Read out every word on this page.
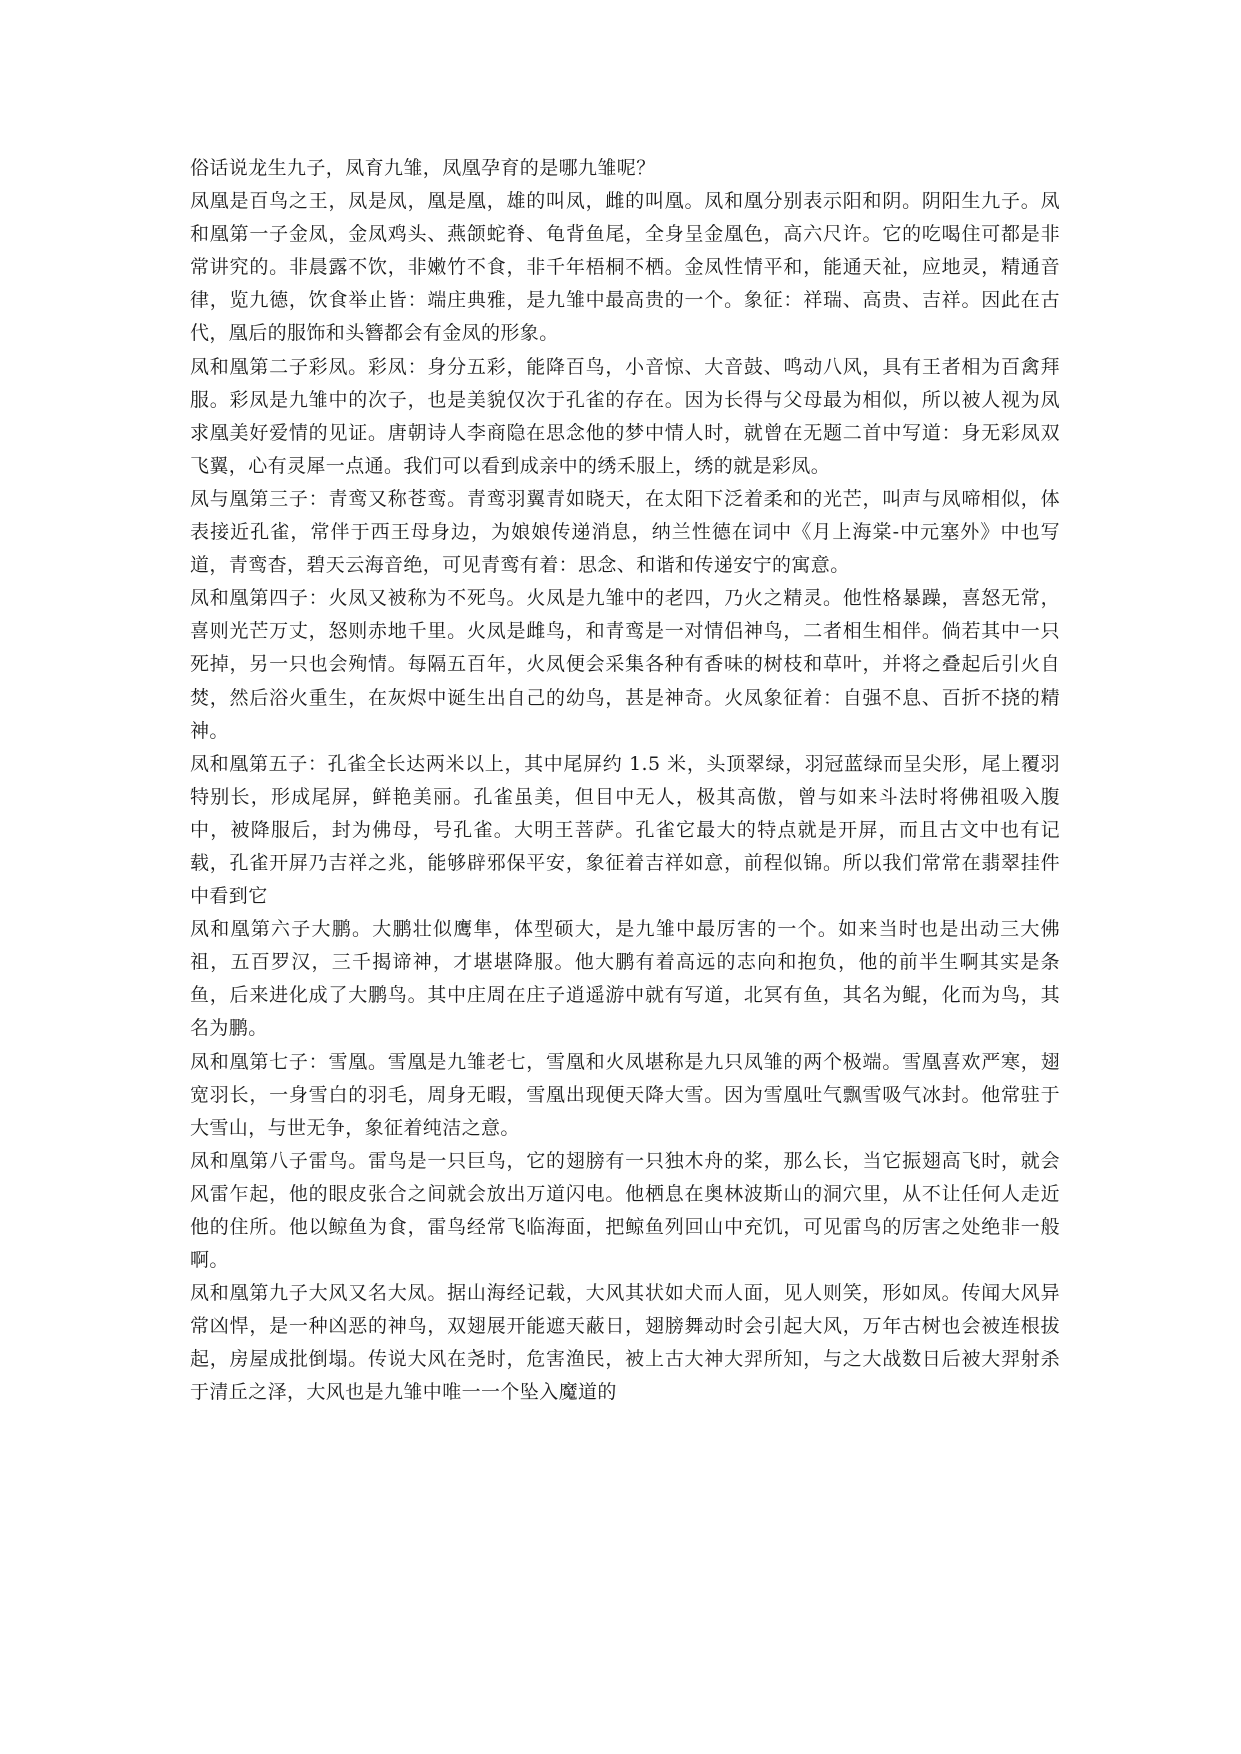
俗话说龙生九子，凤育九雏，凤凰孕育的是哪九雏呢？

凤凰是百鸟之王，凤是凤，凰是凰，雄的叫凤，雌的叫凰。凤和凰分别表示阳和阴。阴阳生九子。凤和凰第一子金凤，金凤鸡头、燕颌蛇脊、龟背鱼尾，全身呈金凰色，高六尺许。它的吃喝住可都是非常讲究的。非晨露不饮，非嫩竹不食，非千年梧桐不栖。金凤性情平和，能通天祉，应地灵，精通音律，览九德，饮食举止皆：端庄典雅，是九雏中最高贵的一个。象征：祥瑞、高贵、吉祥。因此在古代，凰后的服饰和头簪都会有金凤的形象。

凤和凰第二子彩凤。彩凤：身分五彩，能降百鸟，小音惊、大音鼓、鸣动八风，具有王者相为百禽拜服。彩凤是九雏中的次子，也是美貌仅次于孔雀的存在。因为长得与父母最为相似，所以被人视为凤求凰美好爱情的见证。唐朝诗人李商隐在思念他的梦中情人时，就曾在无题二首中写道：身无彩凤双飞翼，心有灵犀一点通。我们可以看到成亲中的绣禾服上，绣的就是彩凤。

凤与凰第三子：青鸾又称苍鸾。青鸾羽翼青如晓天，在太阳下泛着柔和的光芒，叫声与凤啼相似，体表接近孔雀，常伴于西王母身边，为娘娘传递消息，纳兰性德在词中《月上海棠-中元塞外》中也写道，青鸾杳，碧天云海音绝，可见青鸾有着：思念、和谐和传递安宁的寓意。

凤和凰第四子：火凤又被称为不死鸟。火凤是九雏中的老四，乃火之精灵。他性格暴躁，喜怒无常，喜则光芒万丈，怒则赤地千里。火凤是雌鸟，和青鸾是一对情侣神鸟，二者相生相伴。倘若其中一只死掉，另一只也会殉情。每隔五百年，火凤便会采集各种有香味的树枝和草叶，并将之叠起后引火自焚，然后浴火重生，在灰烬中诞生出自己的幼鸟，甚是神奇。火凤象征着：自强不息、百折不挠的精神。

凤和凰第五子：孔雀全长达两米以上，其中尾屏约 1.5 米，头顶翠绿，羽冠蓝绿而呈尖形，尾上覆羽特别长，形成尾屏，鲜艳美丽。孔雀虽美，但目中无人，极其高傲，曾与如来斗法时将佛祖吸入腹中，被降服后，封为佛母，号孔雀。大明王菩萨。孔雀它最大的特点就是开屏，而且古文中也有记载，孔雀开屏乃吉祥之兆，能够辟邪保平安，象征着吉祥如意，前程似锦。所以我们常常在翡翠挂件中看到它

凤和凰第六子大鹏。大鹏壮似鹰隼，体型硕大，是九雏中最厉害的一个。如来当时也是出动三大佛祖，五百罗汉，三千揭谛神，才堪堪降服。他大鹏有着高远的志向和抱负，他的前半生啊其实是条鱼，后来进化成了大鹏鸟。其中庄周在庄子逍遥游中就有写道，北冥有鱼，其名为鲲，化而为鸟，其名为鹏。

凤和凰第七子：雪凰。雪凰是九雏老七，雪凰和火凤堪称是九只凤雏的两个极端。雪凰喜欢严寒，翅宽羽长，一身雪白的羽毛，周身无暇，雪凰出现便天降大雪。因为雪凰吐气飘雪吸气冰封。他常驻于大雪山，与世无争，象征着纯洁之意。

凤和凰第八子雷鸟。雷鸟是一只巨鸟，它的翅膀有一只独木舟的桨，那么长，当它振翅高飞时，就会风雷乍起，他的眼皮张合之间就会放出万道闪电。他栖息在奥林波斯山的洞穴里，从不让任何人走近他的住所。他以鲸鱼为食，雷鸟经常飞临海面，把鲸鱼列回山中充饥，可见雷鸟的厉害之处绝非一般啊。

凤和凰第九子大风又名大凤。据山海经记载，大风其状如犬而人面，见人则笑，形如凤。传闻大风异常凶悍，是一种凶恶的神鸟，双翅展开能遮天蔽日，翅膀舞动时会引起大风，万年古树也会被连根拔起，房屋成批倒塌。传说大风在尧时，危害渔民，被上古大神大羿所知，与之大战数日后被大羿射杀于清丘之泽，大风也是九雏中唯一一个坠入魔道的
